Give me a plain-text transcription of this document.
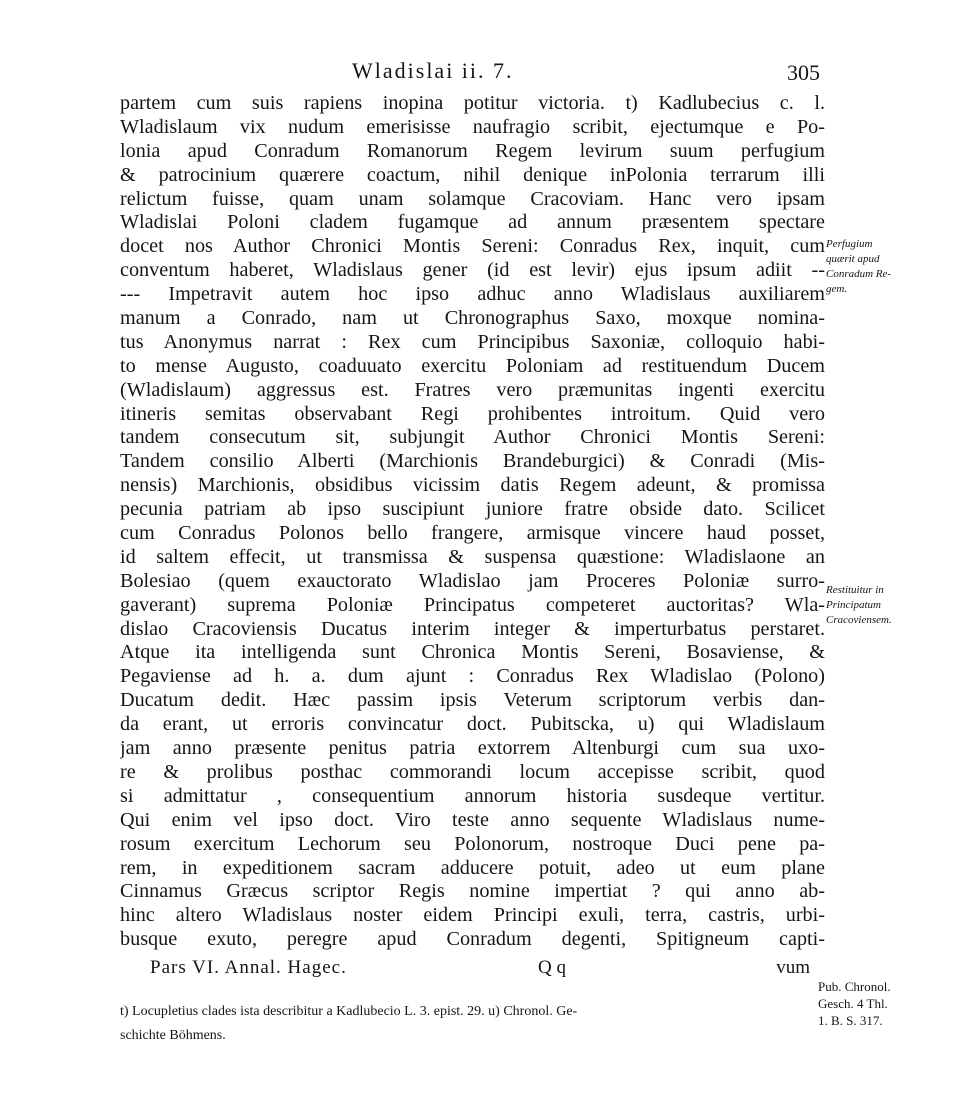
Wladislai ii. 7.	305
partem cum suis rapiens inopina potitur victoria. t) Kadlubecius c. l.
Wladislaum vix nudum emerisisse naufragio scribit, ejectumque e Po-
lonia apud Conradum Romanorum Regem levirum suum perfugium
& patrocinium quærere coactum, nihil denique inPolonia terrarum illi
relictum fuisse, quam unam solamque Cracoviam. Hanc vero ipsam
Wladislai Poloni cladem fugamque ad annum præsentem spectare
docet nos Author Chronici Montis Sereni: Conradus Rex, inquit, cum
conventum haberet, Wladislaus gener (id est levir) ejus ipsum adiit --
--- Impetravit autem hoc ipso adhuc anno Wladislaus auxiliarem
manum a Conrado, nam ut Chronographus Saxo, moxque nomina-
tus Anonymus narrat : Rex cum Principibus Saxoniæ, colloquio habi-
to mense Augusto, coaduuato exercitu Poloniam ad restituendum Ducem
(Wladislaum) aggressus est. Fratres vero præmunitas ingenti exercitu
itineris semitas observabant Regi prohibentes introitum. Quid vero
tandem consecutum sit, subjungit Author Chronici Montis Sereni:
Tandem consilio Alberti (Marchionis Brandeburgici) & Conradi (Mis-
nensis) Marchionis, obsidibus vicissim datis Regem adeunt, & promissa
pecunia patriam ab ipso suscipiunt juniore fratre obside dato. Scilicet
cum Conradus Polonos bello frangere, armisque vincere haud posset,
id saltem effecit, ut transmissa & suspensa quæstione: Wladislaone an
Bolesiao (quem exauctorato Wladislao jam Proceres Poloniæ surro-
gaverant) suprema Poloniæ Principatus competeret auctoritas? Wla-
dislao Cracoviensis Ducatus interim integer & imperturbatus perstaret.
Atque ita intelligenda sunt Chronica Montis Sereni, Bosaviense, &
Pegaviense ad h. a. dum ajunt : Conradus Rex Wladislao (Polono)
Ducatum dedit. Hæc passim ipsis Veterum scriptorum verbis dan-
da erant, ut erroris convincatur doct. Pubitscka, u) qui Wladislaum
jam anno præsente penitus patria extorrem Altenburgi cum sua uxo-
re & prolibus posthac commorandi locum accepisse scribit, quod
si admittatur , consequentium annorum historia susdeque vertitur.
Qui enim vel ipso doct. Viro teste anno sequente Wladislaus nume-
rosum exercitum Lechorum seu Polonorum, nostroque Duci pene pa-
rem, in expeditionem sacram adducere potuit, adeo ut eum plane
Cinnamus Græcus scriptor Regis nomine impertiat ? qui anno ab-
hinc altero Wladislaus noster eidem Principi exuli, terra, castris, urbi-
busque exuto, peregre apud Conradum degenti, Spitigneum capti-
Perfugium
quærit apud
Conradum Re-
gem.
Restituitur in
Principatum
Cracoviensem.
Pars VI. Annal. Hagec.	Q q	vum
t) Locupletius clades ista describitur a Kadlubecio L. 3. epist. 29. u) Chronol. Ge-
schichte Böhmens.
Pub. Chronol.
Gesch. 4 Thl.
1. B. S. 317.
